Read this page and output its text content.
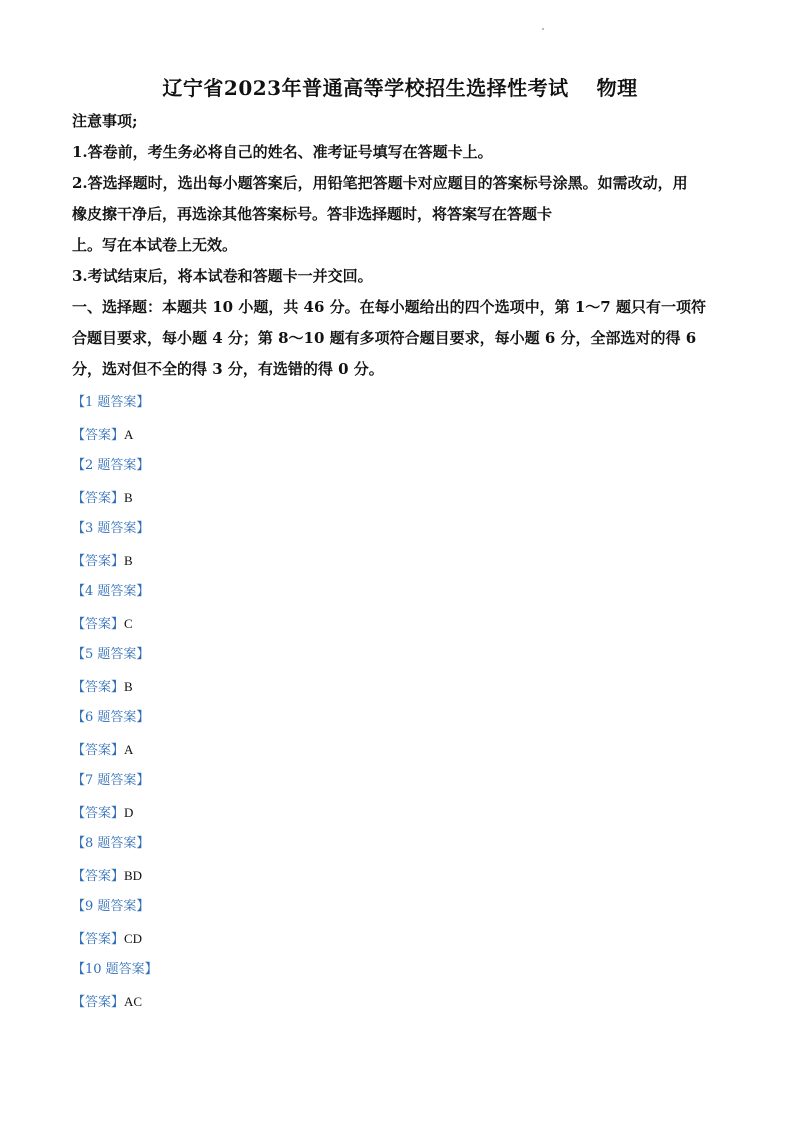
辽宁省2023年普通高等学校招生选择性考试 物理
注意事项;
1.答卷前，考生务必将自己的姓名、准考证号填写在答题卡上。
2.答选择题时，选出每小题答案后，用铅笔把答题卡对应题目的答案标号涂黑。如需改动，用
橡皮擦干净后，再选涂其他答案标号。答非选择题时，将答案写在答题卡
上。写在本试卷上无效。
3.考试结束后，将本试卷和答题卡一并交回。
一、选择题：本题共 10 小题，共 46 分。在每小题给出的四个选项中，第 1～7 题只有一项符
合题目要求，每小题 4 分；第 8～10 题有多项符合题目要求，每小题 6 分，全部选对的得 6
分，选对但不全的得 3 分，有选错的得 0 分。
【1 题答案】
【答案】A
【2 题答案】
【答案】B
【3 题答案】
【答案】B
【4 题答案】
【答案】C
【5 题答案】
【答案】B
【6 题答案】
【答案】A
【7 题答案】
【答案】D
【8 题答案】
【答案】BD
【9 题答案】
【答案】CD
【10 题答案】
【答案】AC
